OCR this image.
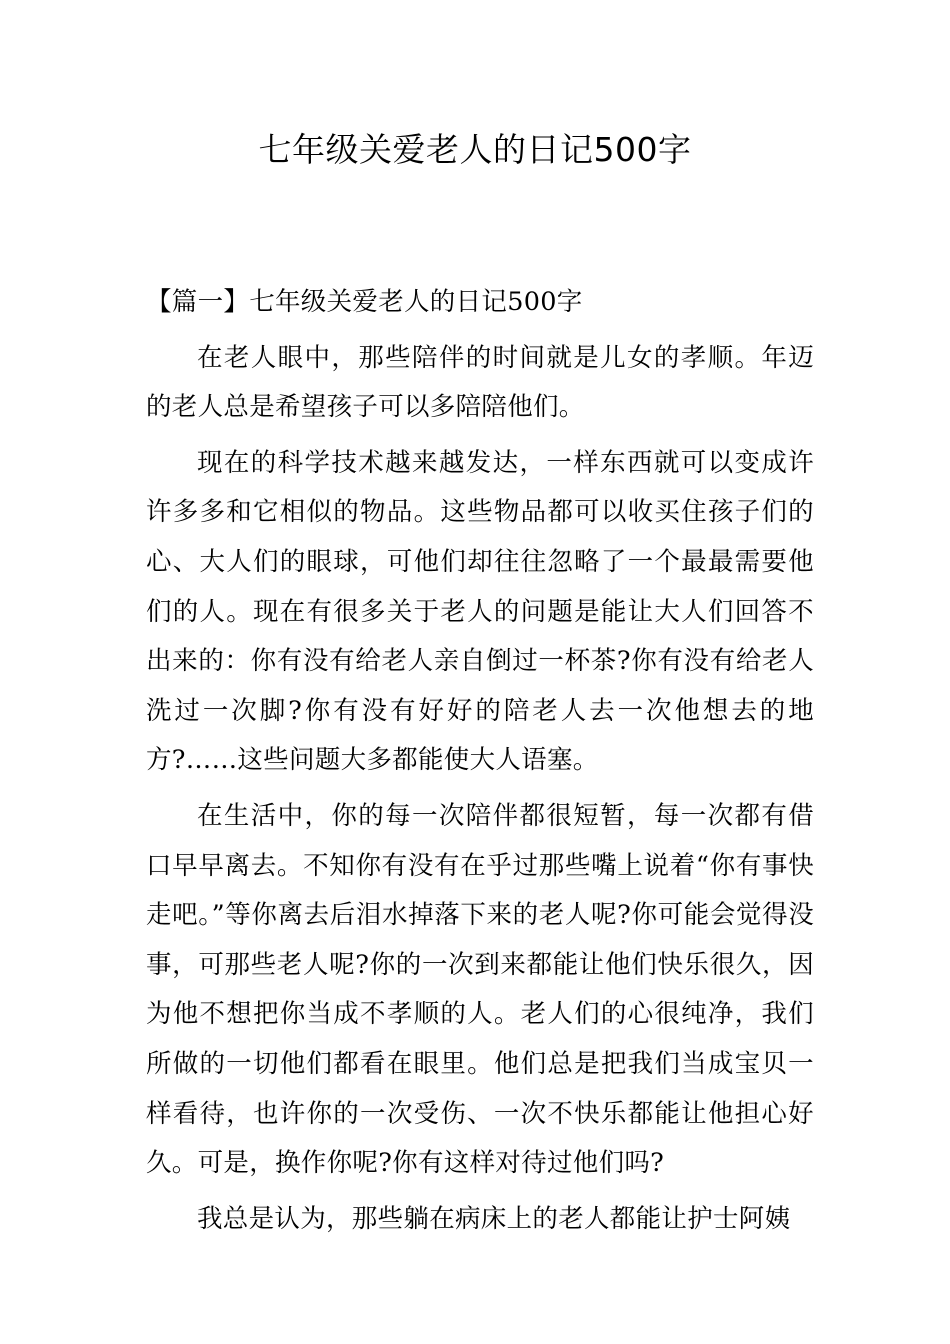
七年级关爱老人的日记500字

【篇一】七年级关爱老人的日记500字

在老人眼中，那些陪伴的时间就是儿女的孝顺。年迈的老人总是希望孩子可以多陪陪他们。

现在的科学技术越来越发达，一样东西就可以变成许许多多和它相似的物品。这些物品都可以收买住孩子们的心、大人们的眼球，可他们却往往忽略了一个最最需要他们的人。现在有很多关于老人的问题是能让大人们回答不出来的：你有没有给老人亲自倒过一杯茶?你有没有给老人洗过一次脚?你有没有好好的陪老人去一次他想去的地方?……这些问题大多都能使大人语塞。

在生活中，你的每一次陪伴都很短暂，每一次都有借口早早离去。不知你有没有在乎过那些嘴上说着“你有事快走吧。”等你离去后泪水掉落下来的老人呢?你可能会觉得没事，可那些老人呢?你的一次到来都能让他们快乐很久，因为他不想把你当成不孝顺的人。老人们的心很纯净，我们所做的一切他们都看在眼里。他们总是把我们当成宝贝一样看待，也许你的一次受伤、一次不快乐都能让他担心好久。可是，换作你呢?你有这样对待过他们吗?

我总是认为，那些躺在病床上的老人都能让护士阿姨
